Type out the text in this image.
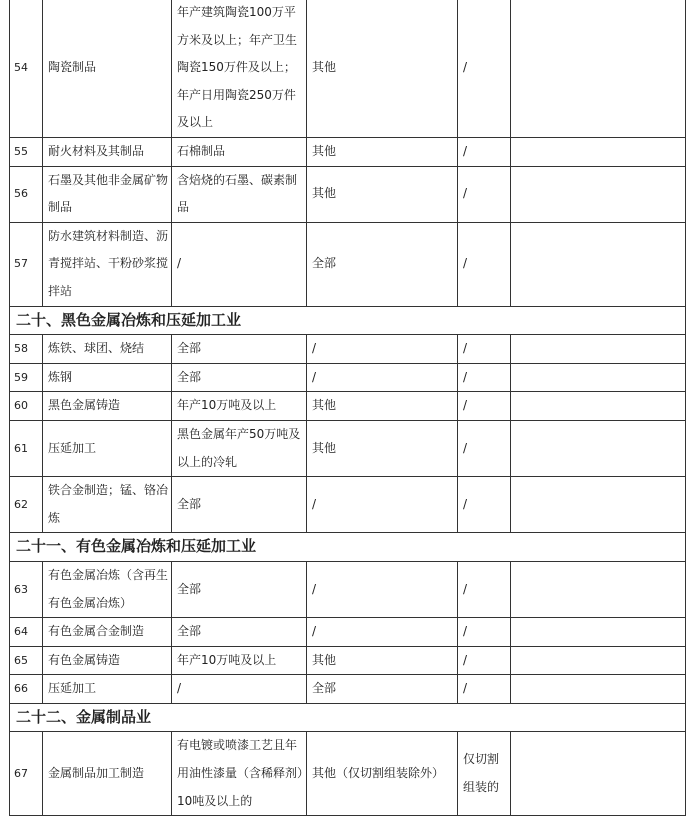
54	陶瓷制品	年产建筑陶瓷100万平方米及以上；年产卫生陶瓷150万件及以上；年产日用陶瓷250万件及以上	其他	/	
55	耐火材料及其制品	石棉制品	其他	/	
56	石墨及其他非金属矿物制品	含焙烧的石墨、碳素制品	其他	/	
57	防水建筑材料制造、沥青搅拌站、干粉砂浆搅拌站	/	全部	/	
二十、黑色金属冶炼和压延加工业					
58	炼铁、球团、烧结	全部	/	/	
59	炼钢	全部	/	/	
60	黑色金属铸造	年产10万吨及以上	其他	/	
61	压延加工	黑色金属年产50万吨及以上的冷轧	其他	/	
62	铁合金制造；锰、铬冶炼	全部	/	/	
二十一、有色金属冶炼和压延加工业					
63	有色金属冶炼（含再生有色金属冶炼）	全部	/	/	
64	有色金属合金制造	全部	/	/	
65	有色金属铸造	年产10万吨及以上	其他	/	
66	压延加工	/	全部	/	
二十二、金属制品业					
67	金属制品加工制造	有电镀或喷漆工艺且年用油性漆量（含稀释剂）10吨及以上的	其他（仅切割组装除外）	仅切割组装的	
